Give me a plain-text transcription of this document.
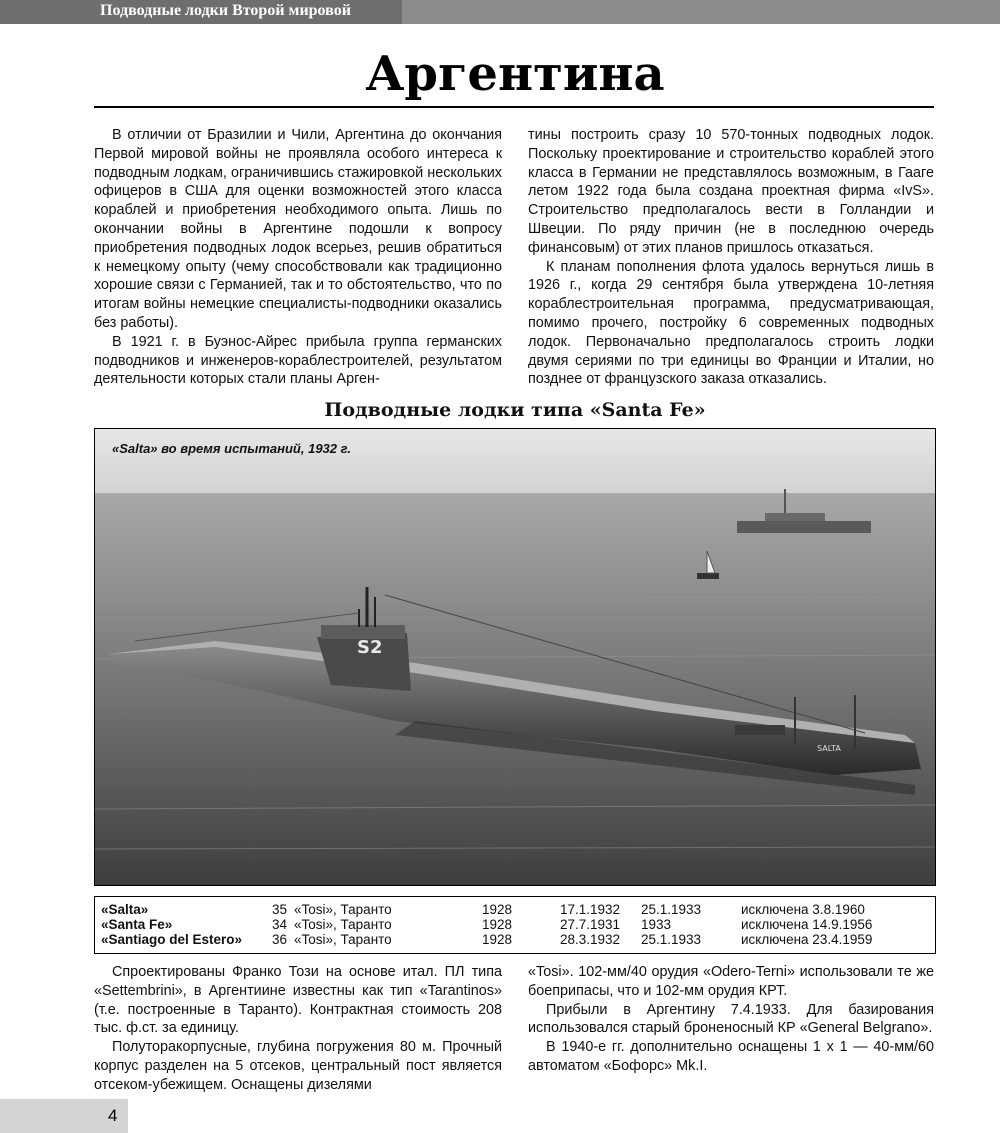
Подводные лодки Второй мировой
Аргентина

В отличии от Бразилии и Чили, Аргентина до окончания Первой мировой войны не проявляла особого интереса к подводным лодкам, ограничившись стажировкой нескольких офицеров в США для оценки возможностей этого класса кораблей и приобретения необходимого опыта. Лишь по окончании войны в Аргентине подошли к вопросу приобретения подводных лодок всерьез, решив обратиться к немецкому опыту (чему способствовали как традиционно хорошие связи с Германией, так и то обстоятельство, что по итогам войны немецкие специалисты-подводники оказались без работы).

В 1921 г. в Буэнос-Айрес прибыла группа германских подводников и инженеров-кораблестроителей, результатом деятельности которых стали планы Арген-

тины построить сразу 10 570-тонных подводных лодок. Поскольку проектирование и строительство кораблей этого класса в Германии не представлялось возможным, в Гааге летом 1922 года была создана проектная фирма «IvS». Строительство предполагалось вести в Голландии и Швеции. По ряду причин (не в последнюю очередь финансовым) от этих планов пришлось отказаться.

К планам пополнения флота удалось вернуться лишь в 1926 г., когда 29 сентября была утверждена 10-летняя кораблестроительная программа, предусматривающая, помимо прочего, постройку 6 современных подводных лодок. Первоначально предполагалось строить лодки двумя сериями по три единицы во Франции и Италии, но позднее от французского заказа отказались.

Подводные лодки типа «Santa Fe»
S2
SALTA
«Salta» во время испытаний, 1932 г.
«Salta»	35 «Tosi», Таранто	1928	17.1.1932 25.1.1933	исключена 3.8.1960
«Santa Fe»	34 «Tosi», Таранто	1928	27.7.1931 1933	исключена 14.9.1956
«Santiago del Estero» 36 «Tosi», Таранто	1928	28.3.1932 25.1.1933	исключена 23.4.1959

Спроектированы Франко Този на основе итал. ПЛ типа «Settembrini», в Аргентиине известны как тип «Tarantinos» (т.е. построенные в Таранто). Контрактная стоимость 208 тыс. ф.ст. за единицу.

Полуторакорпусные, глубина погружения 80 м. Прочный корпус разделен на 5 отсеков, центральный пост является отсеком-убежищем. Оснащены дизелями

«Tosi». 102-мм/40 орудия «Odero-Terni» использовали те же боеприпасы, что и 102-мм орудия КРТ.

Прибыли в Аргентину 7.4.1933. Для базирования использовался старый броненосный КР «General Belgrano».

В 1940-е гг. дополнительно оснащены 1 х 1 — 40-мм/60 автоматом «Бофорс» Mk.I.

4
